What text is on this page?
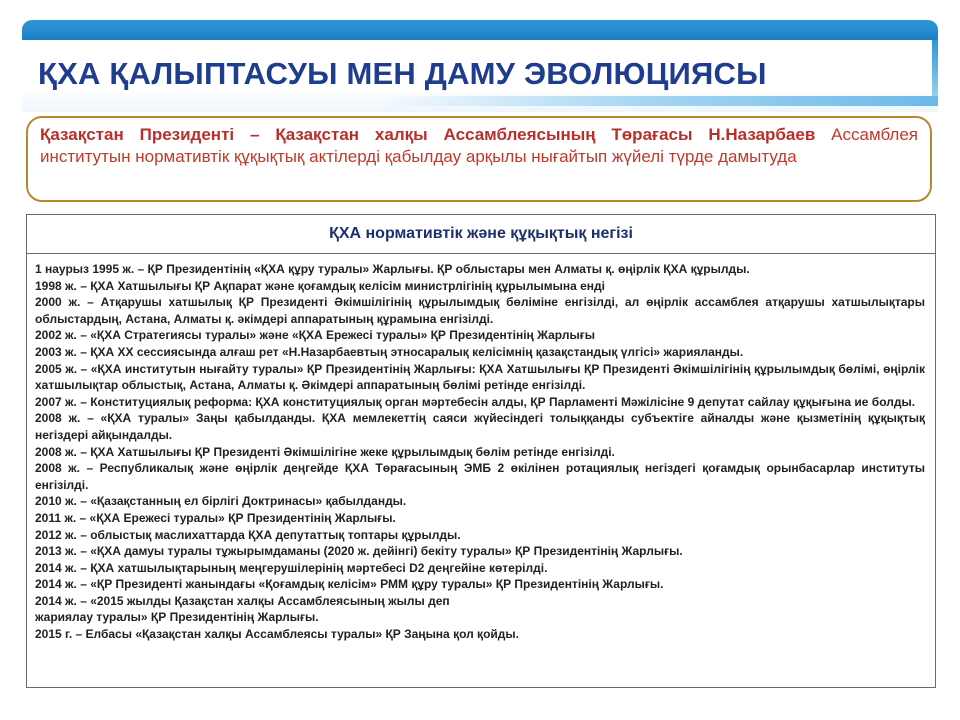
ҚХА ҚАЛЫПТАСУЫ МЕН ДАМУ ЭВОЛЮЦИЯСЫ
Қазақстан Президенті – Қазақстан халқы Ассамблеясының Төрағасы Н.Назарбаев Ассамблея институтын нормативтік құқықтық актілерді қабылдау арқылы нығайтып жүйелі түрде дамытуда
ҚХА нормативтік және құқықтық негізі
1 наурыз 1995 ж. – ҚР Президентінің «ҚХА құру туралы» Жарлығы. ҚР облыстары мен Алматы қ. өңірлік ҚХА құрылды.
1998 ж. – ҚХА Хатшылығы ҚР Ақпарат және қоғамдық келісім министрлігінің құрылымына енді
2000 ж. – Атқарушы хатшылық ҚР Президенті Әкімшілігінің құрылымдық бөліміне енгізілді, ал өңірлік ассамблея атқарушы хатшылықтары облыстардың, Астана, Алматы қ. әкімдері аппаратының құрамына енгізілді.
2002 ж. – «ҚХА Стратегиясы туралы» және «ҚХА Ережесі туралы» ҚР Президентінің Жарлығы
2003 ж. – ҚХА ХХ сессиясында алғаш рет «Н.Назарбаевтың этносаралық келісімнің қазақстандық үлгісі» жарияланды.
2005 ж. – «ҚХА институтын нығайту туралы» ҚР Президентінің Жарлығы: ҚХА Хатшылығы ҚР Президенті Әкімшілігінің құрылымдық бөлімі, өңірлік хатшылықтар облыстық, Астана, Алматы қ. Әкімдері аппаратының бөлімі ретінде енгізілді.
2007 ж. – Конституциялық реформа: ҚХА конституциялық орган мәртебесін алды, ҚР Парламенті Мәжілісіне 9 депутат сайлау құқығына ие болды.
2008 ж. – «ҚХА туралы» Заңы қабылданды. ҚХА мемлекеттің саяси жүйесіндегі толыққанды субъектіге айналды және қызметінің құқықтық негіздері айқындалды.
2008 ж. – ҚХА Хатшылығы ҚР Президенті Әкімшілігіне жеке құрылымдық бөлім ретінде енгізілді.
2008 ж. – Республикалық және өңірлік деңгейде ҚХА Төрағасының ЭМБ 2 өкілінен ротациялық негіздегі қоғамдық орынбасарлар институты енгізілді.
2010 ж. – «Қазақстанның ел бірлігі Доктринасы» қабылданды.
2011 ж. – «ҚХА Ережесі туралы» ҚР Президентінің Жарлығы.
2012 ж. – облыстық маслихаттарда ҚХА депутаттық топтары құрылды.
2013 ж. – «ҚХА дамуы туралы тұжырымдаманы (2020 ж. дейінгі) бекіту туралы» ҚР Президентінің Жарлығы.
2014 ж. – ҚХА хатшылықтарының меңгерушілерінің мәртебесі D2 деңгейіне көтерілді.
2014 ж. – «ҚР Президенті жанындағы «Қоғамдық келісім» РММ құру туралы» ҚР Президентінің Жарлығы.
2014 ж. – «2015 жылды Қазақстан халқы Ассамблеясының жылы деп
жариялау туралы» ҚР Президентінің Жарлығы.
2015 г. – Елбасы «Қазақстан халқы Ассамблеясы туралы» ҚР Заңына қол қойды.
